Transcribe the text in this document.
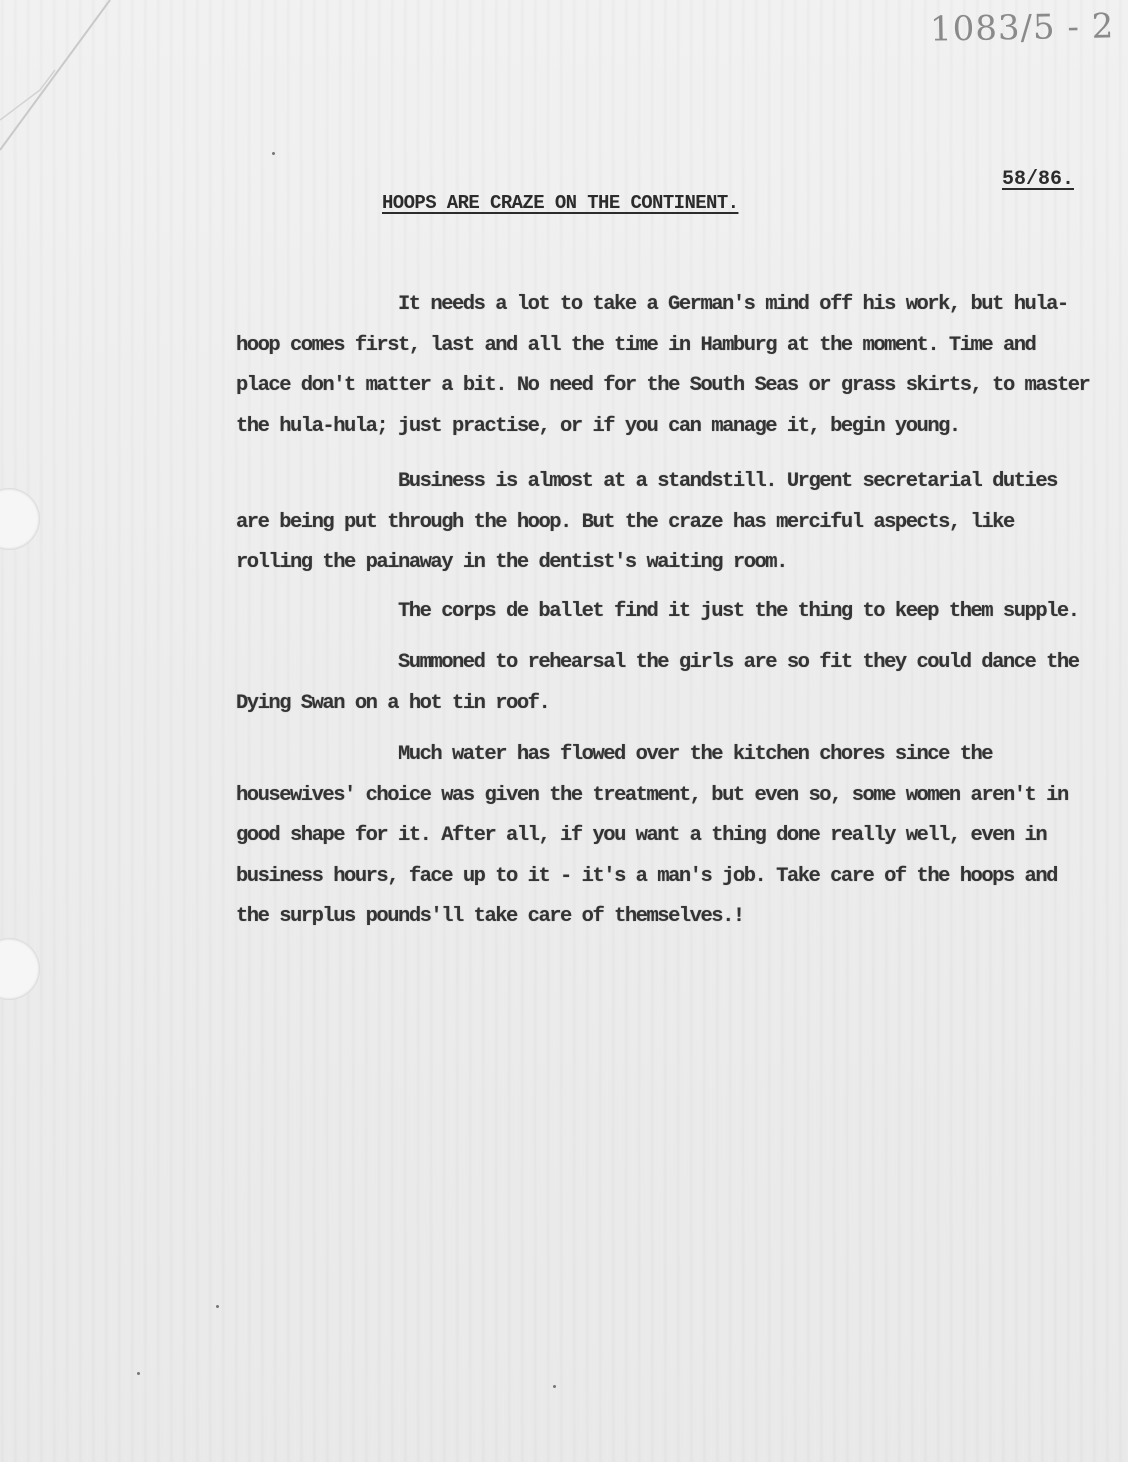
1083/5 - 2
58/86.
HOOPS ARE CRAZE ON THE CONTINENT.

It needs a lot to take a German's mind off his work, but hula-hoop comes first, last and all the time in Hamburg at the moment. Time and place don't matter a bit. No need for the South Seas or grass skirts, to master the hula-hula; just practise, or if you can manage it, begin young.

Business is almost at a standstill. Urgent secretarial duties are being put through the hoop. But the craze has merciful aspects, like rolling the painaway in the dentist's waiting room.

The corps de ballet find it just the thing to keep them supple.

Summoned to rehearsal the girls are so fit they could dance the Dying Swan on a hot tin roof.

Much water has flowed over the kitchen chores since the housewives' choice was given the treatment, but even so, some women aren't in good shape for it. After all, if you want a thing done really well, even in business hours, face up to it - it's a man's job. Take care of the hoops and the surplus pounds'll take care of themselves.!
